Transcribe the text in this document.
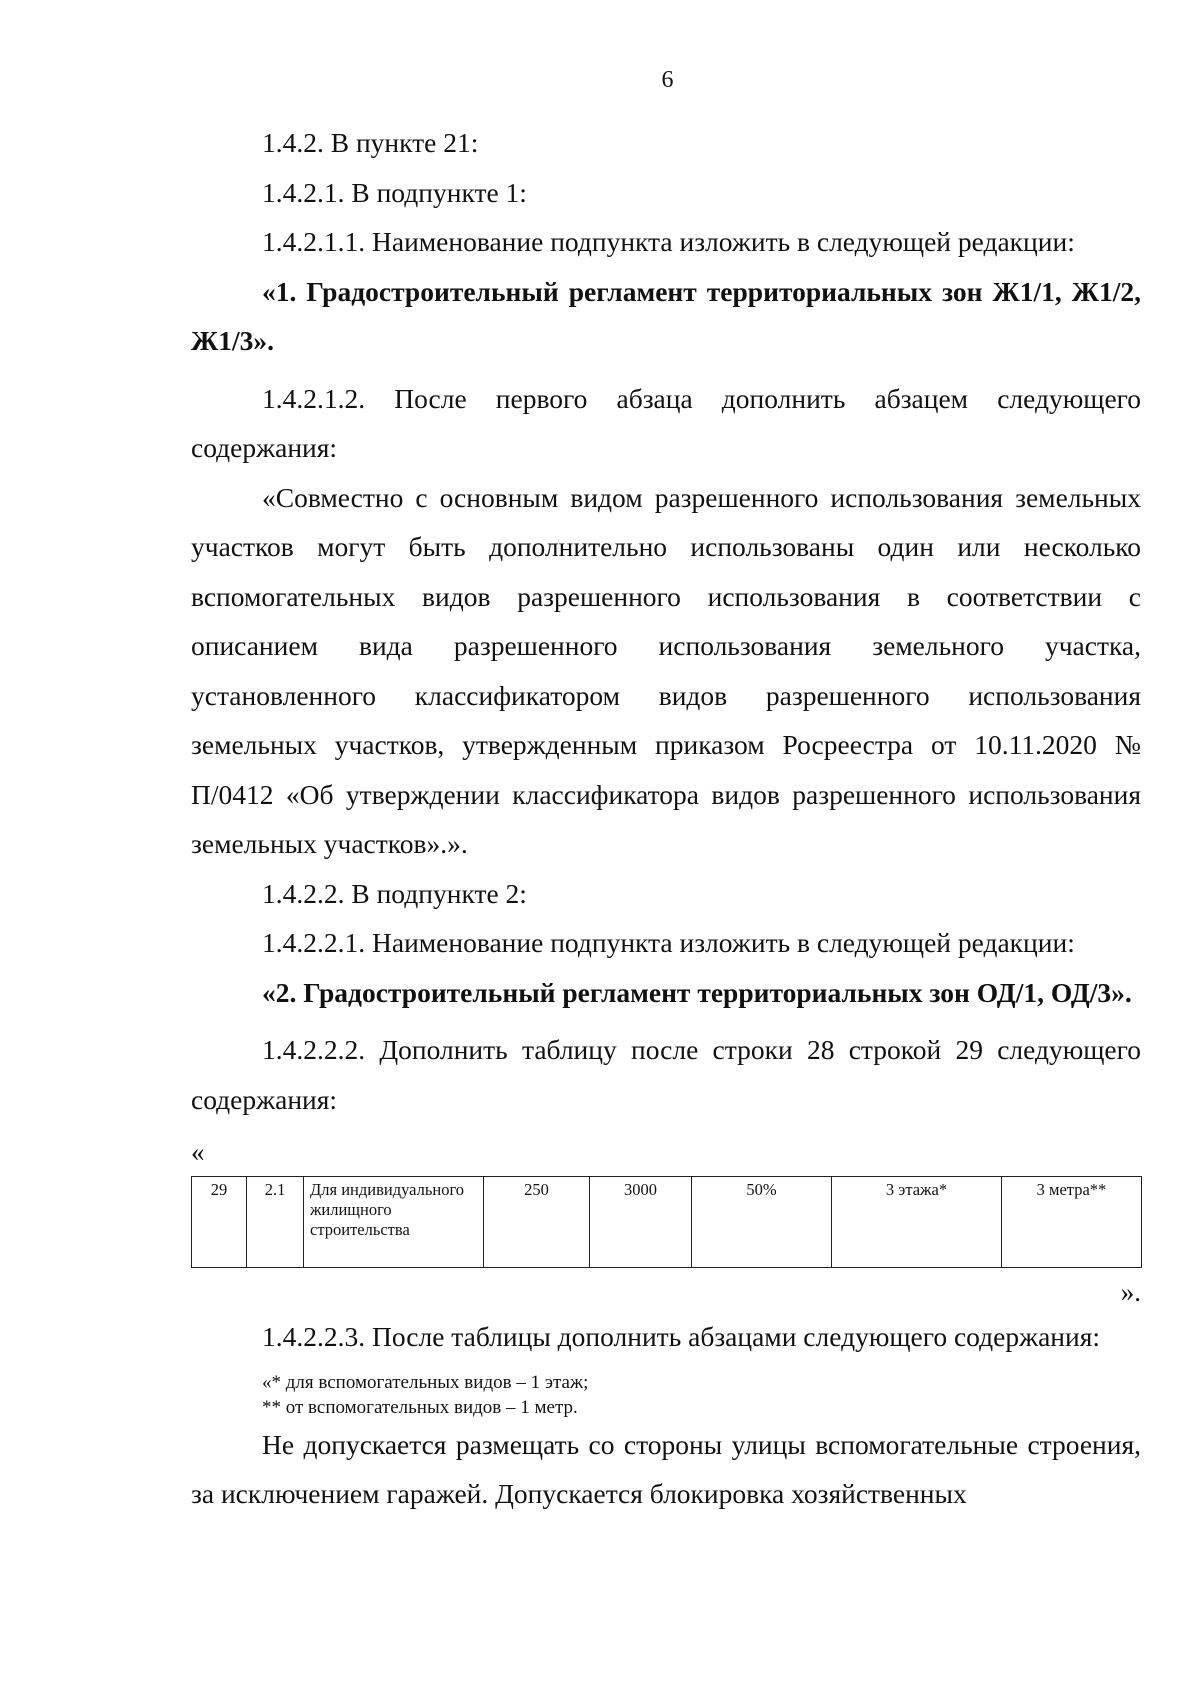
6

1.4.2. В пункте 21:

1.4.2.1. В подпункте 1:

1.4.2.1.1. Наименование подпункта изложить в следующей редакции:

«1. Градостроительный регламент территориальных зон Ж1/1, Ж1/2, Ж1/3».

1.4.2.1.2. После первого абзаца дополнить абзацем следующего содержания:

«Совместно с основным видом разрешенного использования земельных участков могут быть дополнительно использованы один или несколько вспомогательных видов разрешенного использования в соответствии с описанием вида разрешенного использования земельного участка, установленного классификатором видов разрешенного использования земельных участков, утвержденным приказом Росреестра от 10.11.2020 № П/0412 «Об утверждении классификатора видов разрешенного использования земельных участков».».

1.4.2.2. В подпункте 2:

1.4.2.2.1. Наименование подпункта изложить в следующей редакции:

«2. Градостроительный регламент территориальных зон ОД/1, ОД/3».

1.4.2.2.2. Дополнить таблицу после строки 28 строкой 29 следующего содержания:

«
29	2.1	Для индивидуального жилищного строительства	250	3000	50%	3 этажа*	3 метра**
».

1.4.2.2.3. После таблицы дополнить абзацами следующего содержания:

«* для вспомогательных видов – 1 этаж;
** от вспомогательных видов – 1 метр.

Не допускается размещать со стороны улицы вспомогательные строения, за исключением гаражей. Допускается блокировка хозяйственных
